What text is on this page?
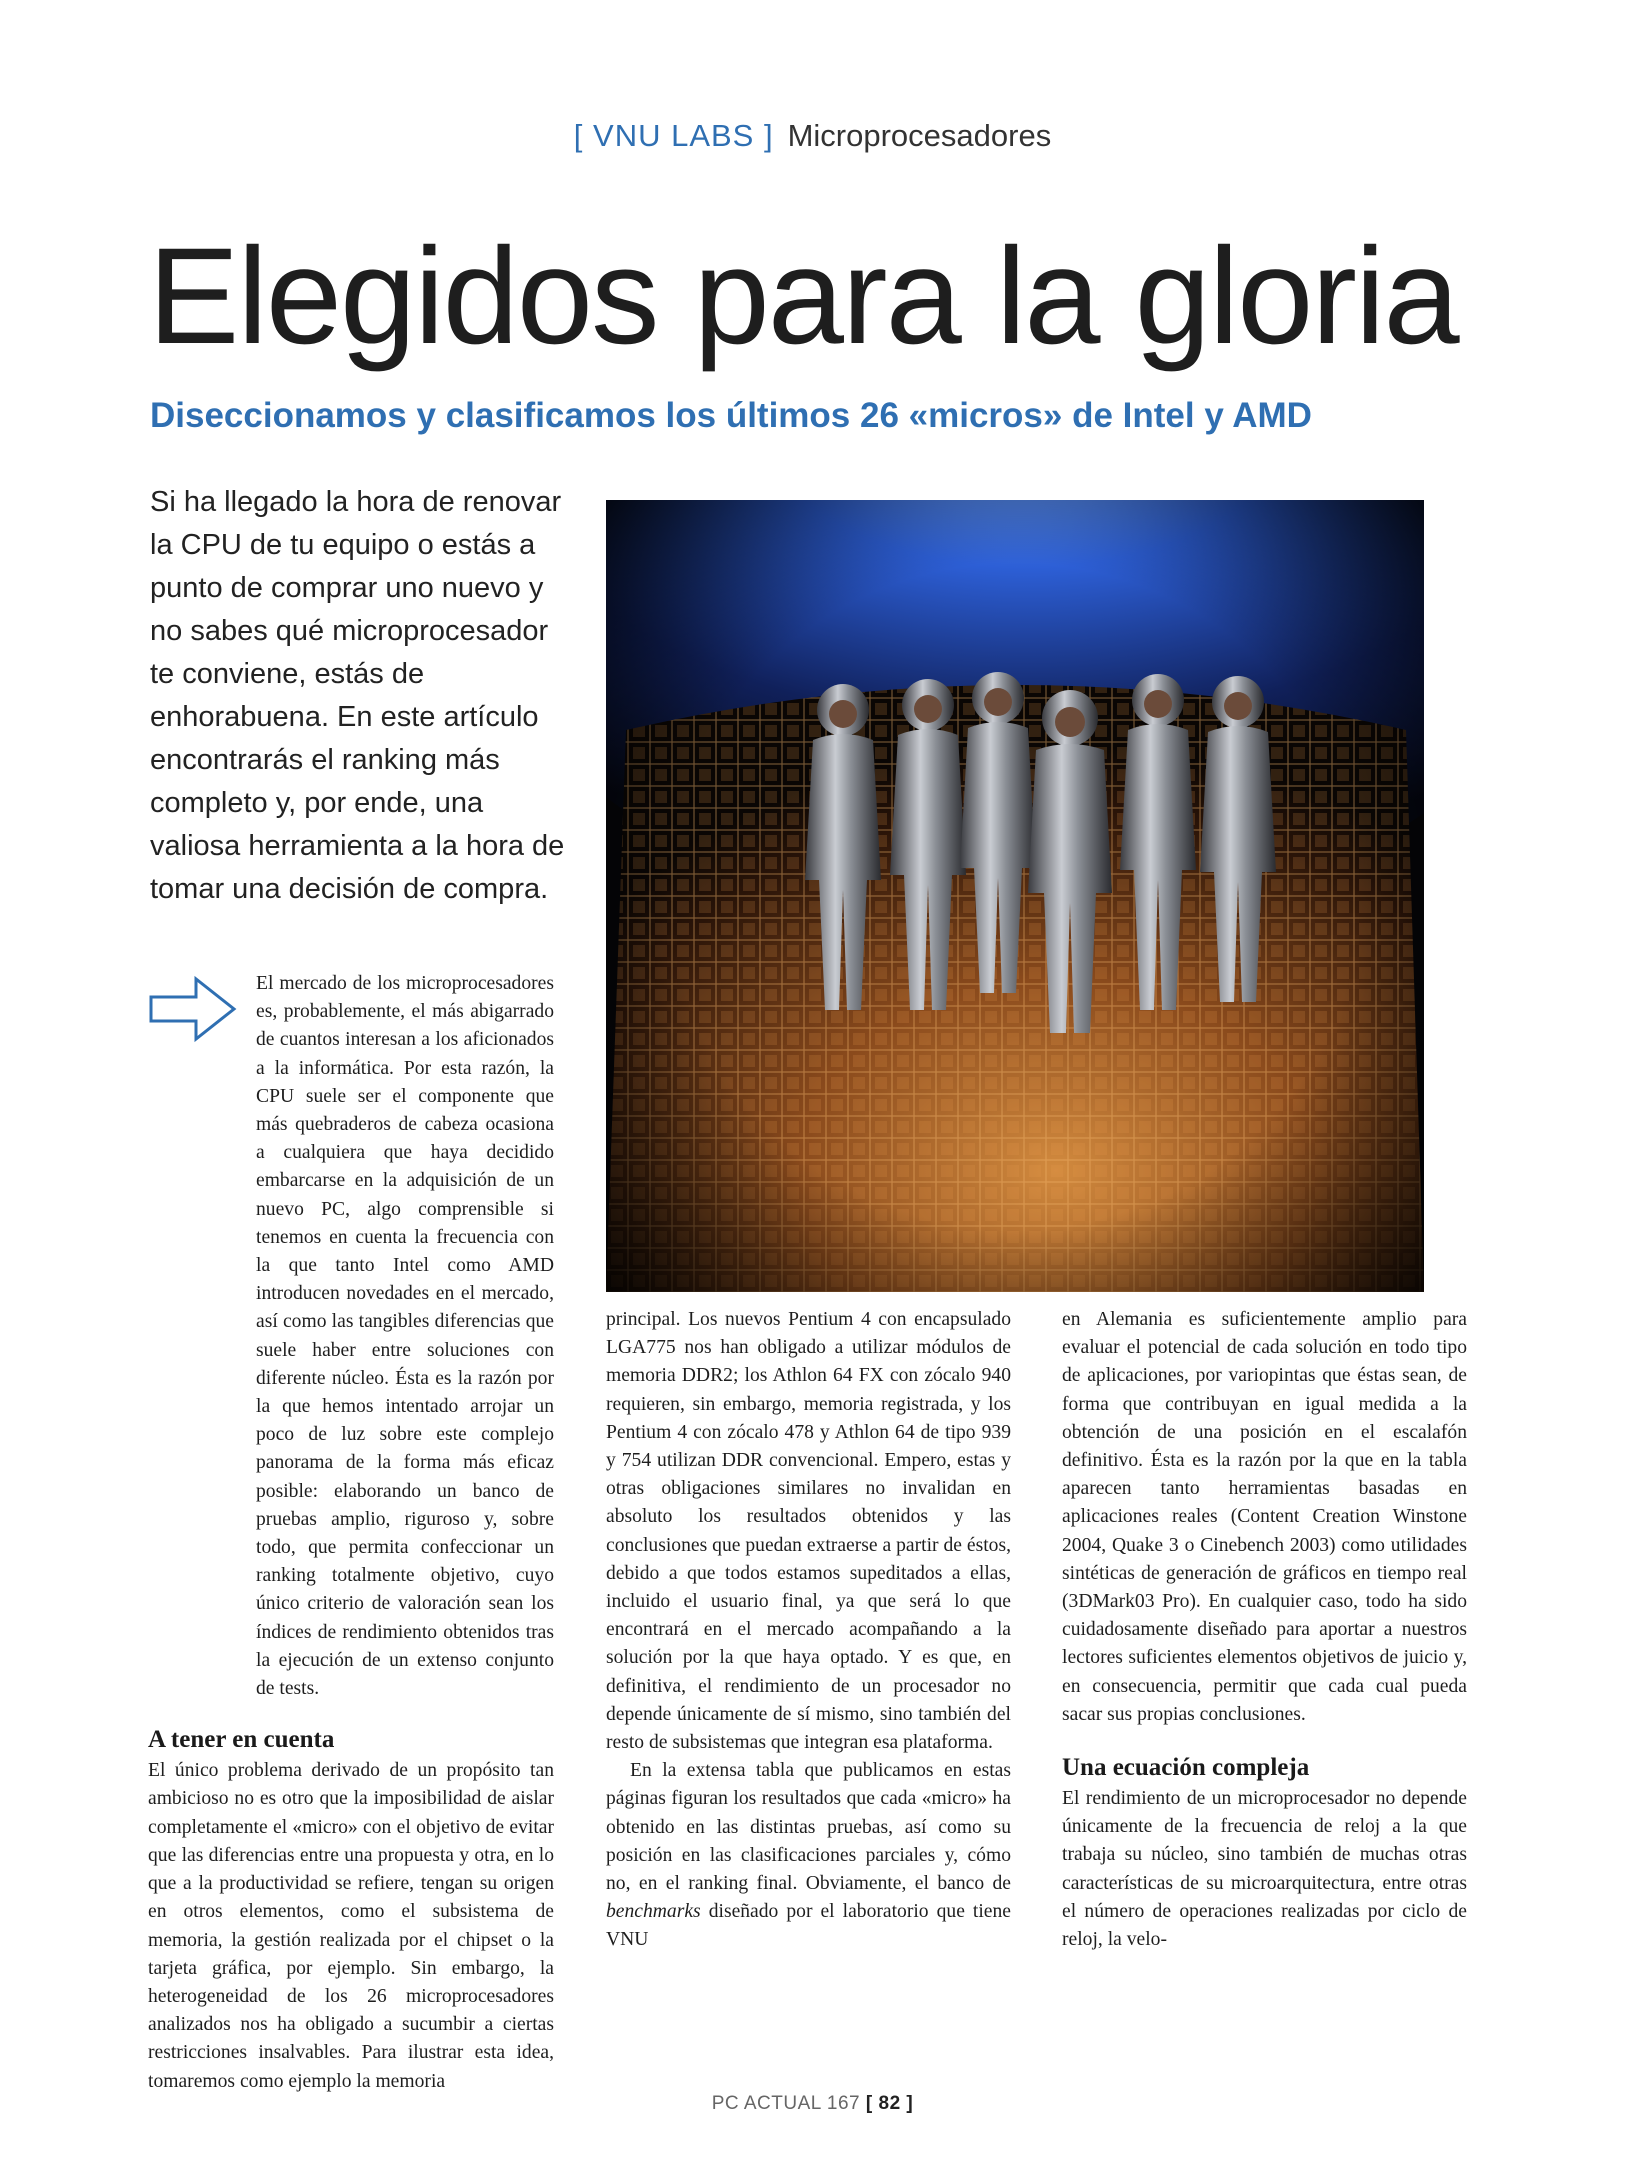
[ VNU LABS ] Microprocesadores
Elegidos para la gloria
Diseccionamos y clasificamos los últimos 26 «micros» de Intel y AMD
Si ha llegado la hora de renovar la CPU de tu equipo o estás a punto de comprar uno nuevo y no sabes qué microprocesador te conviene, estás de enhorabuena. En este artículo encontrarás el ranking más completo y, por ende, una valiosa herramienta a la hora de tomar una decisión de compra.

El mercado de los microprocesadores es, probablemente, el más abigarrado de cuantos interesan a los aficionados a la informática. Por esta razón, la CPU suele ser el componente que más quebraderos de cabeza ocasiona a cualquiera que haya decidido embarcarse en la adquisición de un nuevo PC, algo comprensible si tenemos en cuenta la frecuencia con la que tanto Intel como AMD introducen novedades en el mercado, así como las tangibles diferencias que suele haber entre soluciones con diferente núcleo. Ésta es la razón por la que hemos intentado arrojar un poco de luz sobre este complejo panorama de la forma más eficaz posible: elaborando un banco de pruebas amplio, riguroso y, sobre todo, que permita confeccionar un ranking totalmente objetivo, cuyo único criterio de valoración sean los índices de rendimiento obtenidos tras la ejecución de un extenso conjunto de tests.

A tener en cuenta

El único problema derivado de un propósito tan ambicioso no es otro que la imposibilidad de aislar completamente el «micro» con el objetivo de evitar que las diferencias entre una propuesta y otra, en lo que a la productividad se refiere, tengan su origen en otros elementos, como el subsistema de memoria, la gestión realizada por el chipset o la tarjeta gráfica, por ejemplo. Sin embargo, la heterogeneidad de los 26 microprocesadores analizados nos ha obligado a sucumbir a ciertas restricciones insalvables. Para ilustrar esta idea, tomaremos como ejemplo la memoria

principal. Los nuevos Pentium 4 con encapsulado LGA775 nos han obligado a utilizar módulos de memoria DDR2; los Athlon 64 FX con zócalo 940 requieren, sin embargo, memoria registrada, y los Pentium 4 con zócalo 478 y Athlon 64 de tipo 939 y 754 utilizan DDR convencional. Empero, estas y otras obligaciones similares no invalidan en absoluto los resultados obtenidos y las conclusiones que puedan extraerse a partir de éstos, debido a que todos estamos supeditados a ellas, incluido el usuario final, ya que será lo que encontrará en el mercado acompañando a la solución por la que haya optado. Y es que, en definitiva, el rendimiento de un procesador no depende únicamente de sí mismo, sino también del resto de subsistemas que integran esa plataforma.

En la extensa tabla que publicamos en estas páginas figuran los resultados que cada «micro» ha obtenido en las distintas pruebas, así como su posición en las clasificaciones parciales y, cómo no, en el ranking final. Obviamente, el banco de benchmarks diseñado por el laboratorio que tiene VNU

en Alemania es suficientemente amplio para evaluar el potencial de cada solución en todo tipo de aplicaciones, por variopintas que éstas sean, de forma que contribuyan en igual medida a la obtención de una posición en el escalafón definitivo. Ésta es la razón por la que en la tabla aparecen tanto herramientas basadas en aplicaciones reales (Content Creation Winstone 2004, Quake 3 o Cinebench 2003) como utilidades sintéticas de generación de gráficos en tiempo real (3DMark03 Pro). En cualquier caso, todo ha sido cuidadosamente diseñado para aportar a nuestros lectores suficientes elementos objetivos de juicio y, en consecuencia, permitir que cada cual pueda sacar sus propias conclusiones.

Una ecuación compleja

El rendimiento de un microprocesador no depende únicamente de la frecuencia de reloj a la que trabaja su núcleo, sino también de muchas otras características de su microarquitectura, entre otras el número de operaciones realizadas por ciclo de reloj, la velo-

PC ACTUAL 167 [ 82 ]
